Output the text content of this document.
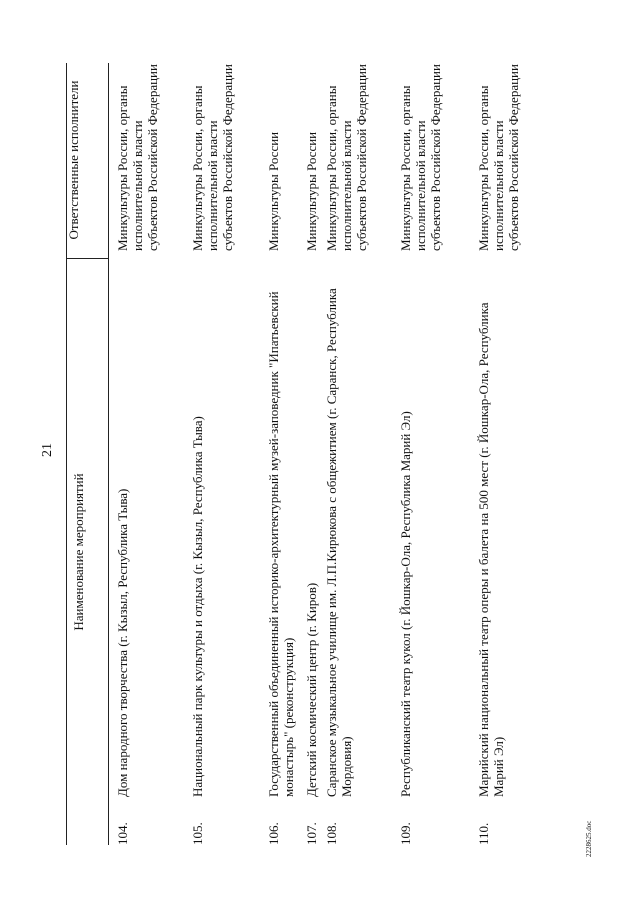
21
Наименование мероприятий
Ответственные исполнители
104.
Дом народного творчества (г. Кызыл, Республика Тыва)
Минкультуры России, органы исполнительной власти субъектов Российской Федерации
105.
Национальный парк культуры и отдыха (г. Кызыл, Республика Тыва)
Минкультуры России, органы исполнительной власти субъектов Российской Федерации
106.
Государственный объединенный историко-архитектурный музей-заповедник "Ипатьевский монастырь" (реконструкция)
Минкультуры России
107.
Детский космический центр (г. Киров)
Минкультуры России
108.
Саранское музыкальное училище им. Л.П.Кирюкова с общежитием (г. Саранск, Республика Мордовия)
Минкультуры России, органы исполнительной власти субъектов Российской Федерации
109.
Республиканский театр кукол (г. Йошкар-Ола, Республика Марий Эл)
Минкультуры России, органы исполнительной власти субъектов Российской Федерации
110.
Марийский национальный театр оперы и балета на 500 мест (г. Йошкар-Ола, Республика Марий Эл)
Минкультуры России, органы исполнительной власти субъектов Российской Федерации
2228625.doc
